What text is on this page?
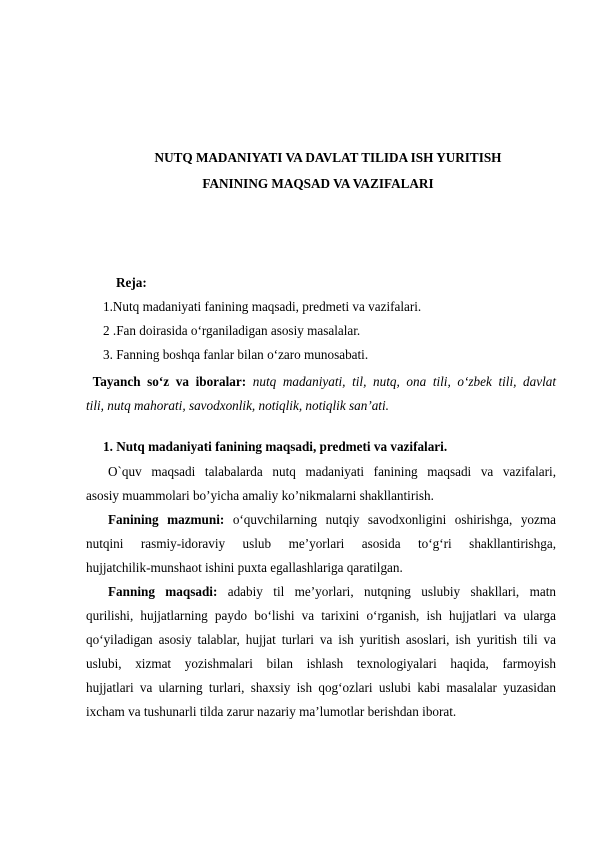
NUTQ MADANIYATI VA DAVLAT TILIDA ISH YURITISH
FANINING MAQSAD VA VAZIFALARI
Reja:
1.Nutq madaniyati fanining maqsadi, predmeti va vazifalari.
2 .Fan doirasida o‘rganiladigan asosiy masalalar.
3. Fanning boshqa fanlar bilan o‘zaro munosabati.
Tayanch so‘z va iboralar: nutq madaniyati, til, nutq, ona tili, o‘zbek tili, davlat
tili, nutq mahorati, savodxonlik, notiqlik, notiqlik san’ati.
1. Nutq madaniyati fanining maqsadi, predmeti va vazifalari.
O`quv maqsadi talabalarda nutq madaniyati fanining maqsadi va vazifalari,
asosiy muammolari bo’yicha amaliy ko’nikmalarni shakllantirish.
Fanining mazmuni: o‘quvchilarning nutqiy savodxonligini oshirishga, yozma
nutqini rasmiy-idoraviy uslub me’yorlari asosida to‘g‘ri shakllantirishga,
hujjatchilik-munshaot ishini puxta egallashlariga qaratilgan.
Fanning maqsadi: adabiy til me’yorlari, nutqning uslubiy shakllari, matn
qurilishi, hujjatlarning paydo bo‘lishi va tarixini o‘rganish, ish hujjatlari va ularga
qo‘yiladigan asosiy talablar, hujjat turlari va ish yuritish asoslari, ish yuritish tili va
uslubi, xizmat yozishmalari bilan ishlash texnologiyalari haqida, farmoyish
hujjatlari va ularning turlari, shaxsiy ish qog‘ozlari uslubi kabi masalalar yuzasidan
ixcham va tushunarli tilda zarur nazariy ma’lumotlar berishdan iborat.
